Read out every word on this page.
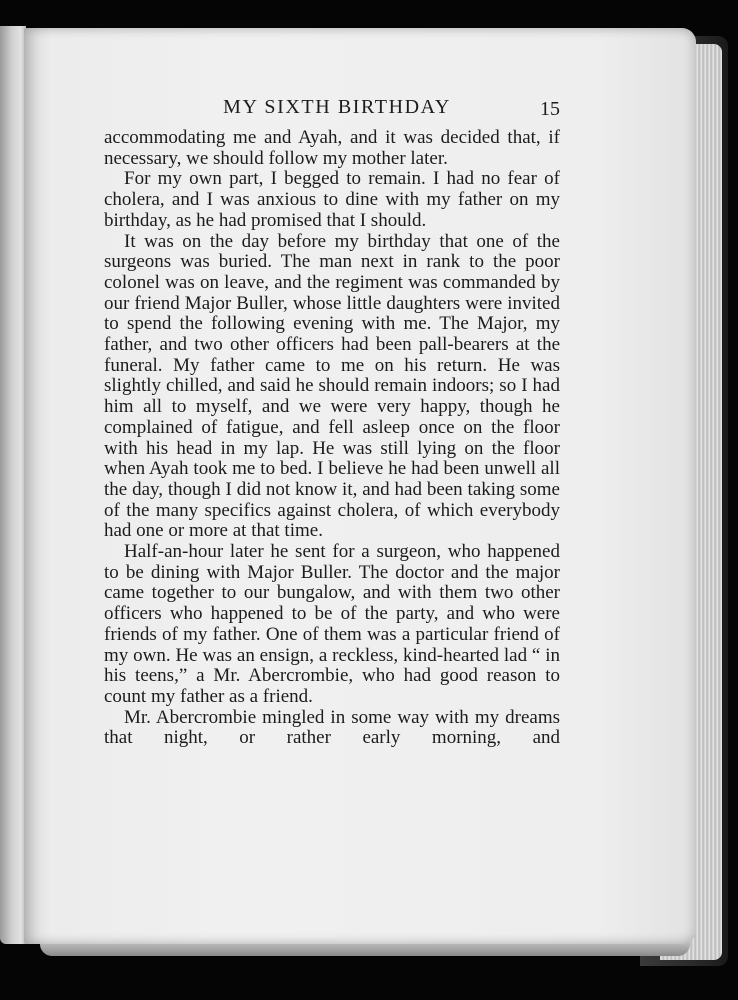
MY SIXTH BIRTHDAY	15

accommodating me and Ayah, and it was decided that, if necessary, we should follow my mother later.

For my own part, I begged to remain. I had no fear of cholera, and I was anxious to dine with my father on my birthday, as he had promised that I should.

It was on the day before my birthday that one of the surgeons was buried. The man next in rank to the poor colonel was on leave, and the regiment was commanded by our friend Major Buller, whose little daughters were invited to spend the following evening with me. The Major, my father, and two other officers had been pall-bearers at the funeral. My father came to me on his return. He was slightly chilled, and said he should remain indoors; so I had him all to myself, and we were very happy, though he complained of fatigue, and fell asleep once on the floor with his head in my lap. He was still lying on the floor when Ayah took me to bed. I believe he had been unwell all the day, though I did not know it, and had been taking some of the many specifics against cholera, of which everybody had one or more at that time.

Half-an-hour later he sent for a surgeon, who happened to be dining with Major Buller. The doctor and the major came together to our bungalow, and with them two other officers who happened to be of the party, and who were friends of my father. One of them was a particular friend of my own. He was an ensign, a reckless, kind-hearted lad “ in his teens,” a Mr. Abercrombie, who had good reason to count my father as a friend.

Mr. Abercrombie mingled in some way with my dreams that night, or rather early morning, and
